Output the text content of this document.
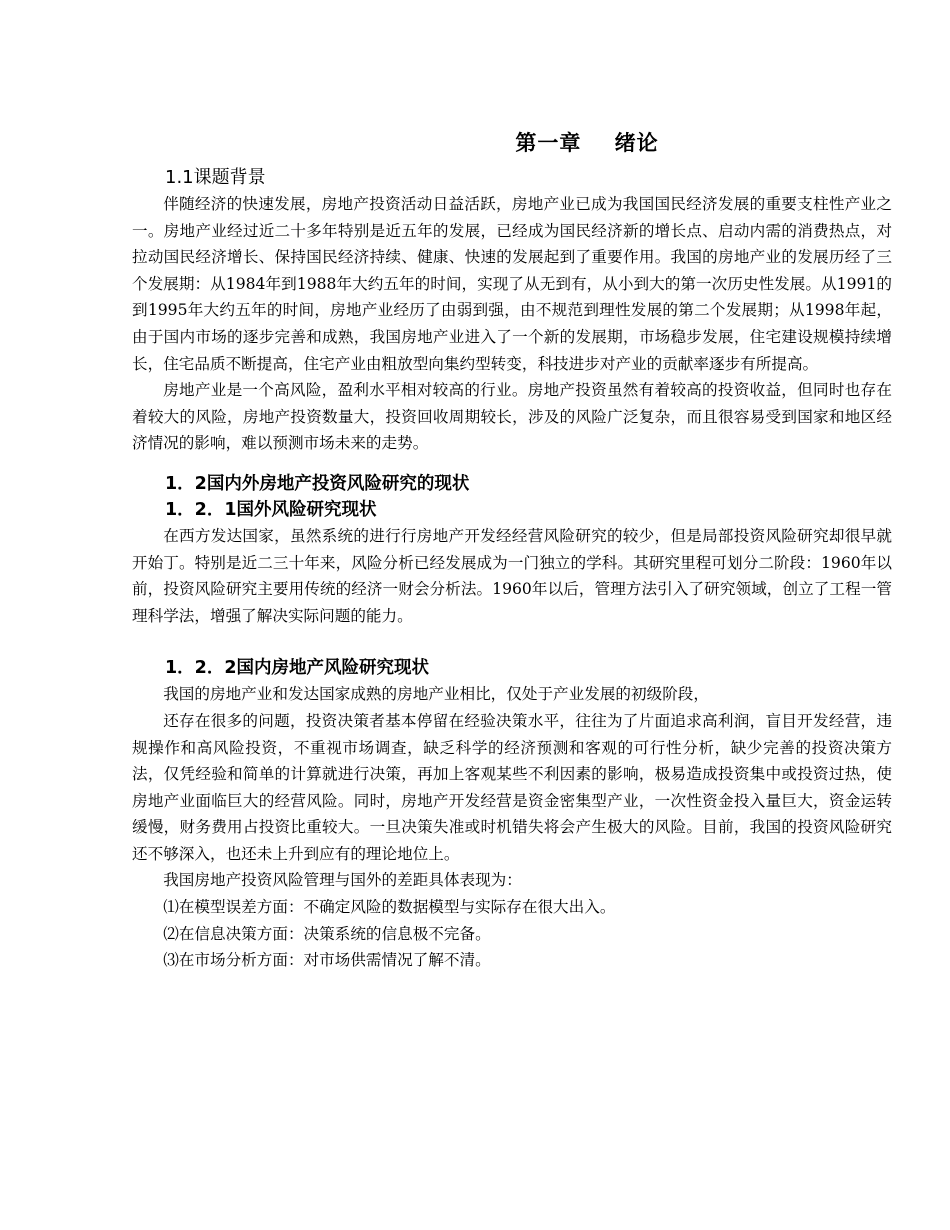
第一章    绪论
1.1课题背景

伴随经济的快速发展，房地产投资活动日益活跃，房地产业已成为我国国民经济发展的重要支柱性产业之一。房地产业经过近二十多年特别是近五年的发展，已经成为国民经济新的增长点、启动内需的消费热点，对拉动国民经济增长、保持国民经济持续、健康、快速的发展起到了重要作用。我国的房地产业的发展历经了三个发展期：从1984年到1988年大约五年的时间，实现了从无到有，从小到大的第一次历史性发展。从1991的到1995年大约五年的时间，房地产业经历了由弱到强，由不规范到理性发展的第二个发展期；从1998年起，由于国内市场的逐步完善和成熟，我国房地产业进入了一个新的发展期，市场稳步发展，住宅建设规模持续增长，住宅品质不断提高，住宅产业由粗放型向集约型转变，科技进步对产业的贡献率逐步有所提高。

房地产业是一个高风险，盈利水平相对较高的行业。房地产投资虽然有着较高的投资收益，但同时也存在着较大的风险，房地产投资数量大，投资回收周期较长，涉及的风险广泛复杂，而且很容易受到国家和地区经济情况的影响，难以预测市场未来的走势。

1．2国内外房地产投资风险研究的现状
1．2．1国外风险研究现状

在西方发达国家，虽然系统的进行行房地产开发经经营风险研究的较少，但是局部投资风险研究却很早就开始丁。特别是近二三十年来，风险分析已经发展成为一门独立的学科。其研究里程可划分二阶段：1960年以前，投资风险研究主要用传统的经济一财会分析法。1960年以后，管理方法引入了研究领域，创立了工程一管理科学法，增强了解决实际问题的能力。

1．2．2国内房地产风险研究现状

我国的房地产业和发达国家成熟的房地产业相比，仅处于产业发展的初级阶段，

还存在很多的问题，投资决策者基本停留在经验决策水平，往往为了片面追求高利润，盲目开发经营，违规操作和高风险投资，不重视市场调查，缺乏科学的经济预测和客观的可行性分析，缺少完善的投资决策方法，仅凭经验和简单的计算就进行决策，再加上客观某些不利因素的影响，极易造成投资集中或投资过热，使房地产业面临巨大的经营风险。同时，房地产开发经营是资金密集型产业，一次性资金投入量巨大，资金运转缓慢，财务费用占投资比重较大。一旦决策失准或时机错失将会产生极大的风险。目前，我国的投资风险研究还不够深入，也还未上升到应有的理论地位上。

我国房地产投资风险管理与国外的差距具体表现为：

⑴在模型误差方面：不确定风险的数据模型与实际存在很大出入。

⑵在信息决策方面：决策系统的信息极不完备。

⑶在市场分析方面：对市场供需情况了解不清。
